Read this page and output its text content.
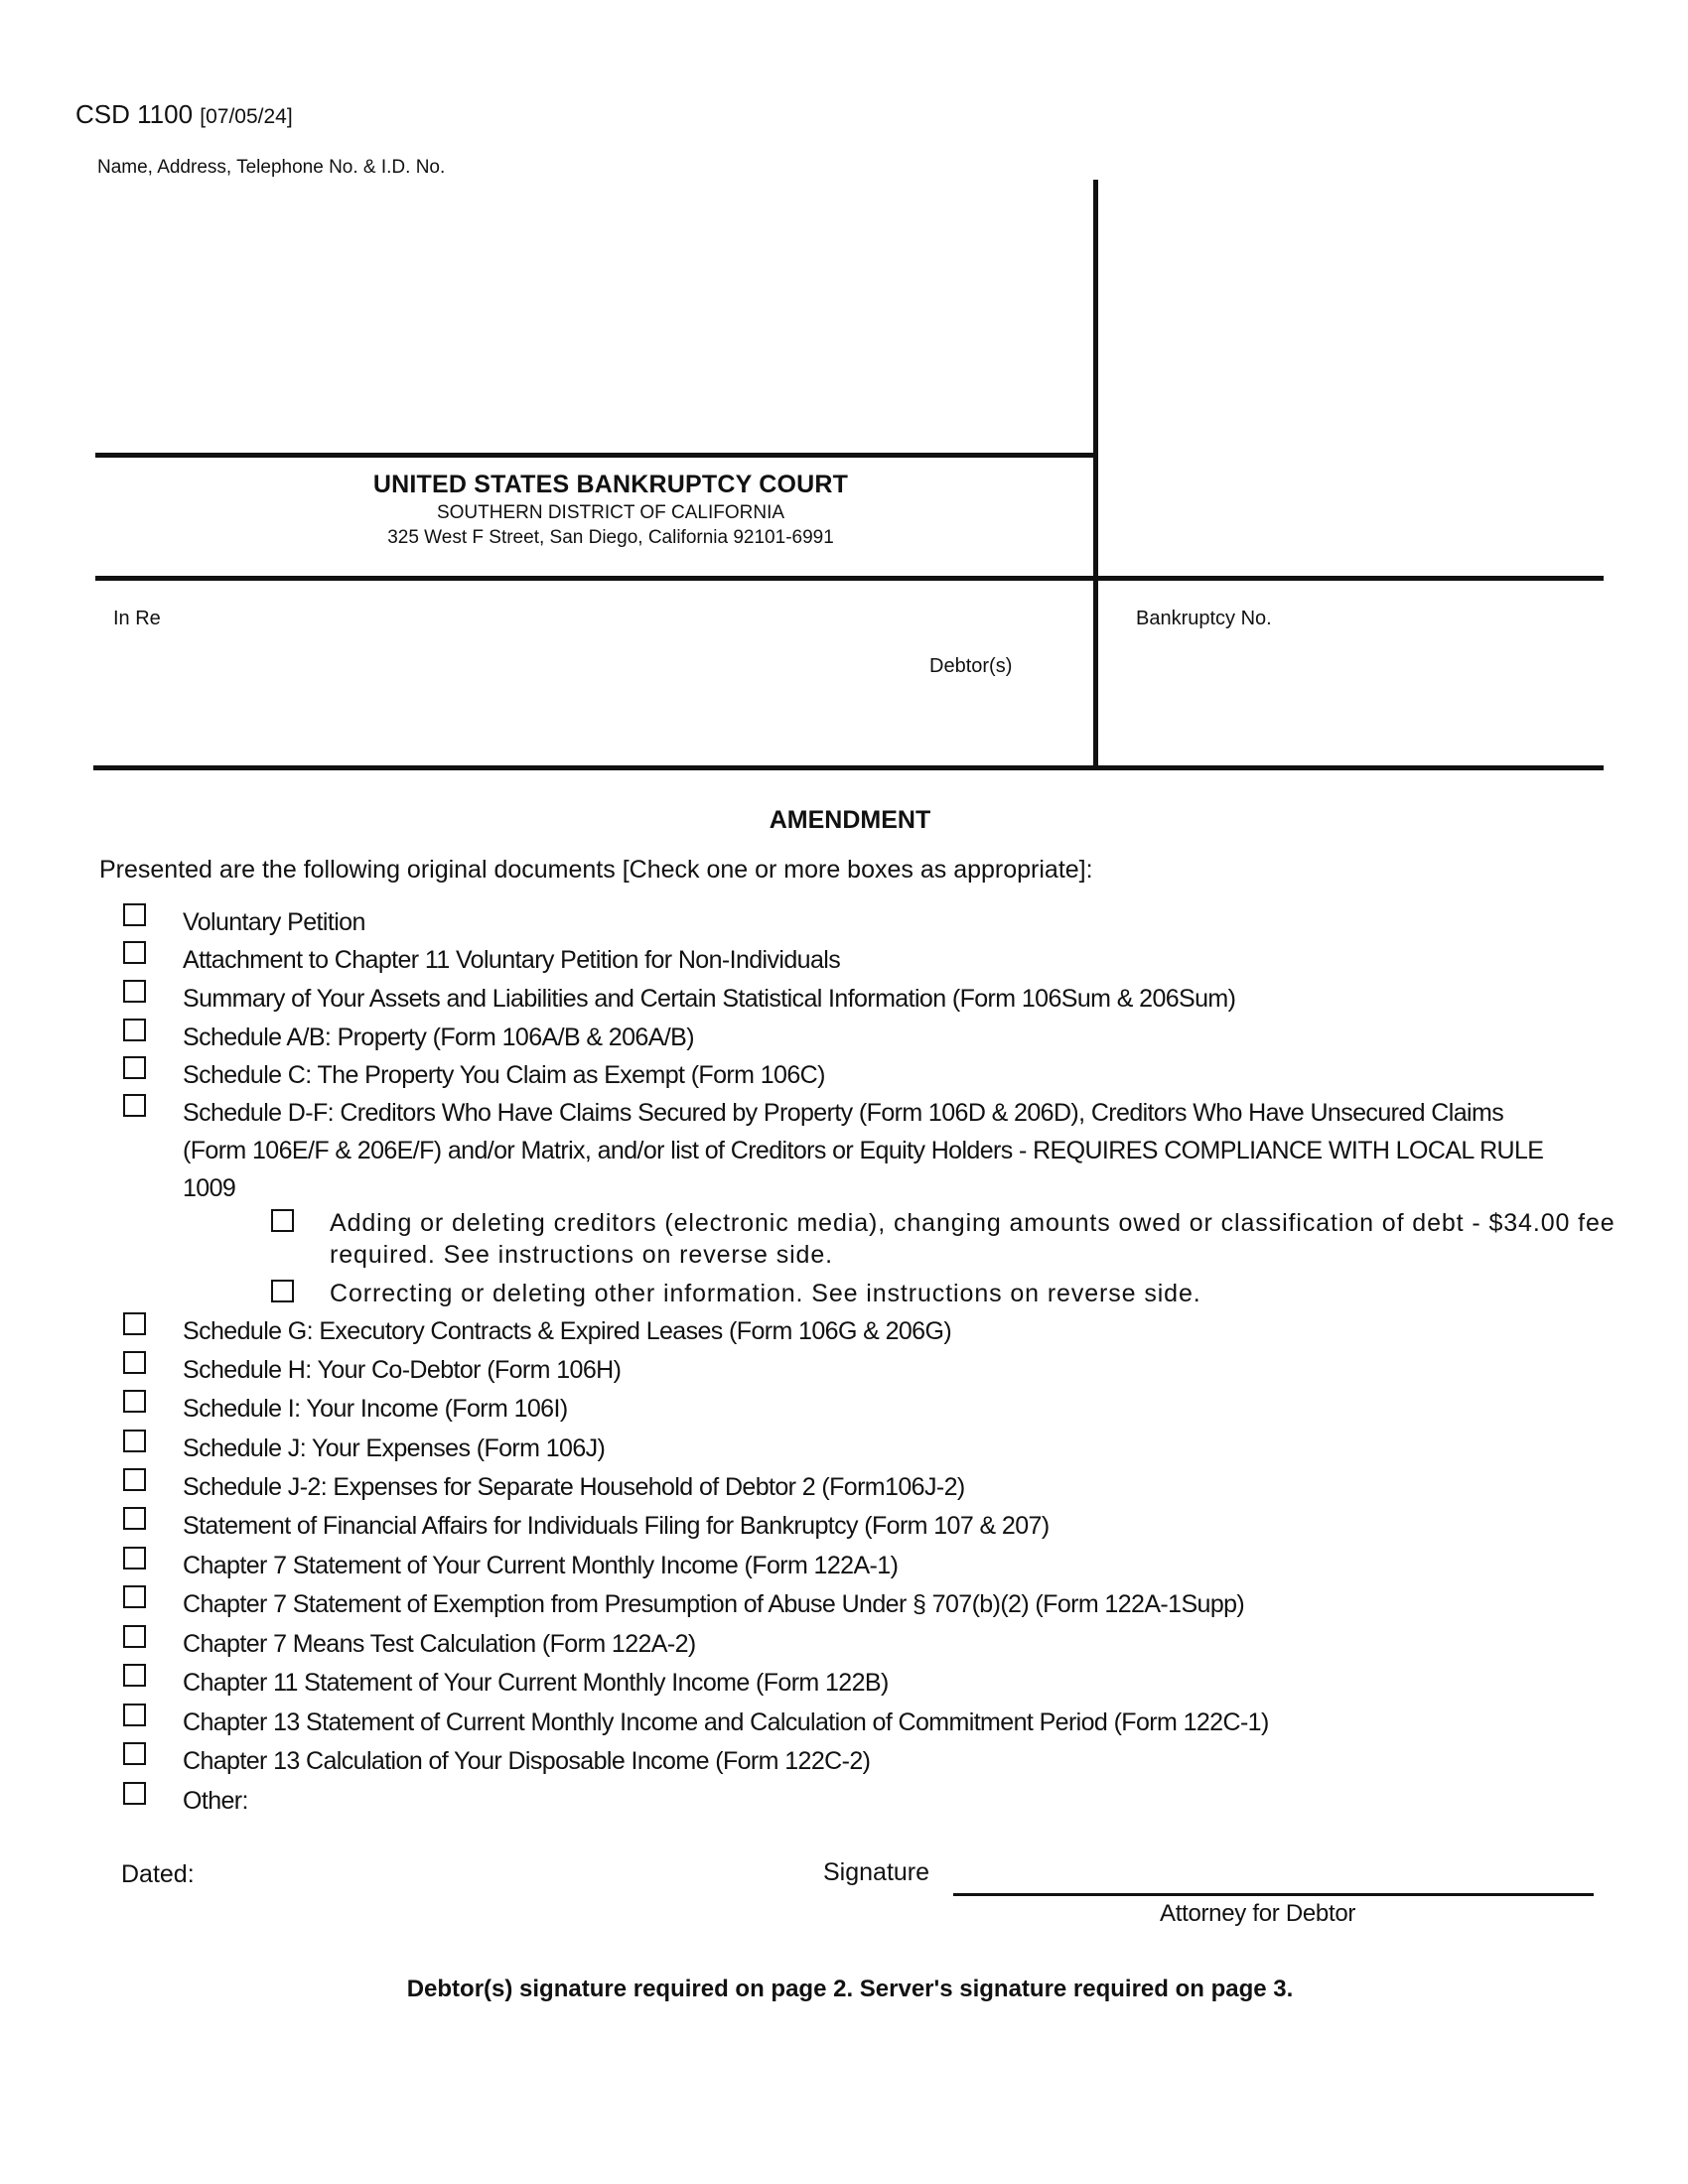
CSD 1100 [07/05/24]
Name, Address, Telephone No. & I.D. No.
UNITED STATES BANKRUPTCY COURT
SOUTHERN DISTRICT OF CALIFORNIA
325 West F Street, San Diego, California 92101-6991
In Re
Debtor(s)
Bankruptcy No.
AMENDMENT
Presented are the following original documents [Check one or more boxes as appropriate]:
Voluntary Petition
Attachment to Chapter 11 Voluntary Petition for Non-Individuals
Summary of Your Assets and Liabilities and Certain Statistical Information (Form 106Sum & 206Sum)
Schedule A/B: Property (Form 106A/B & 206A/B)
Schedule C: The Property You Claim as Exempt (Form 106C)
Schedule D-F: Creditors Who Have Claims Secured by Property (Form 106D & 206D), Creditors Who Have Unsecured Claims (Form 106E/F & 206E/F) and/or Matrix, and/or list of Creditors or Equity Holders - REQUIRES COMPLIANCE WITH LOCAL RULE 1009
Adding or deleting creditors (electronic media), changing amounts owed or classification of debt - $34.00 fee required. See instructions on reverse side.
Correcting or deleting other information. See instructions on reverse side.
Schedule G: Executory Contracts & Expired Leases (Form 106G & 206G)
Schedule H: Your Co-Debtor (Form 106H)
Schedule I: Your Income (Form 106I)
Schedule J: Your Expenses (Form 106J)
Schedule J-2: Expenses for Separate Household of Debtor 2 (Form106J-2)
Statement of Financial Affairs for Individuals Filing for Bankruptcy (Form 107 & 207)
Chapter 7 Statement of Your Current Monthly Income (Form 122A-1)
Chapter 7 Statement of Exemption from Presumption of Abuse Under § 707(b)(2) (Form 122A-1Supp)
Chapter 7 Means Test Calculation (Form 122A-2)
Chapter 11 Statement of Your Current Monthly Income (Form 122B)
Chapter 13 Statement of Current Monthly Income and Calculation of Commitment Period (Form 122C-1)
Chapter 13 Calculation of Your Disposable Income (Form 122C-2)
Other:
Dated:	Signature
Attorney for Debtor
Debtor(s) signature required on page 2. Server's signature required on page 3.
